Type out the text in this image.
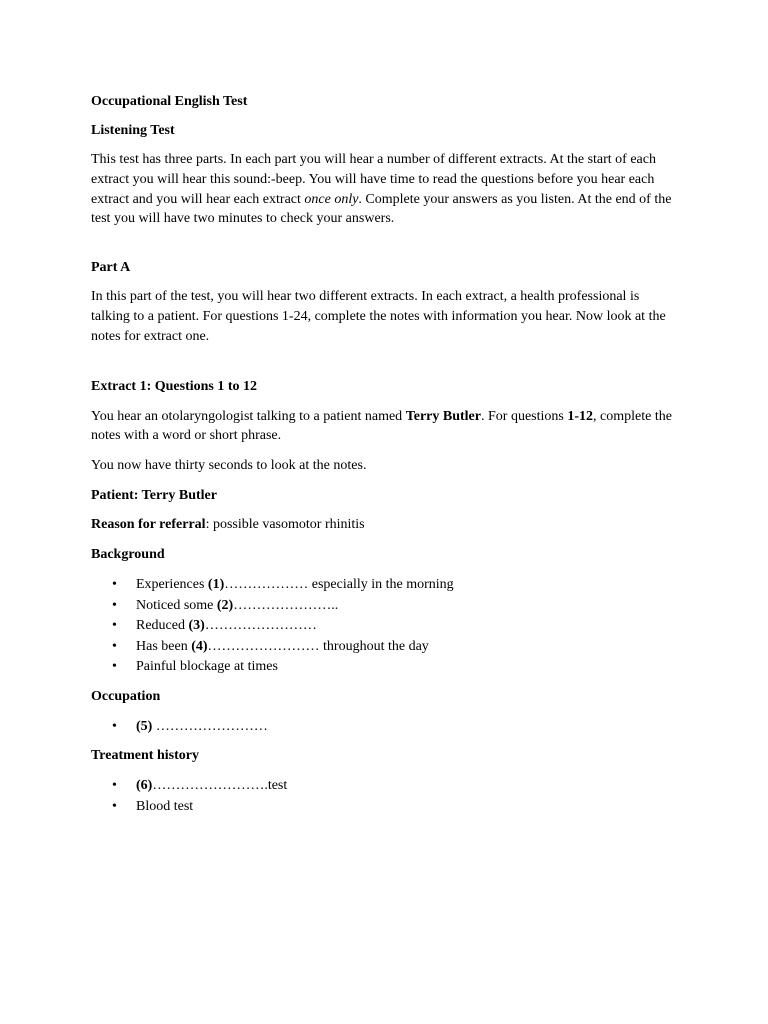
Occupational English Test
Listening Test
This test has three parts. In each part you will hear a number of different extracts. At the start of each extract you will hear this sound:-beep. You will have time to read the questions before you hear each extract and you will hear each extract once only. Complete your answers as you listen. At the end of the test you will have two minutes to check your answers.
Part A
In this part of the test, you will hear two different extracts. In each extract, a health professional is talking to a patient. For questions 1-24, complete the notes with information you hear. Now look at the notes for extract one.
Extract 1: Questions 1 to 12
You hear an otolaryngologist talking to a patient named Terry Butler. For questions 1-12, complete the notes with a word or short phrase.
You now have thirty seconds to look at the notes.
Patient: Terry Butler
Reason for referral: possible vasomotor rhinitis
Background
• Experiences (1)……………… especially in the morning
• Noticed some (2)…………………..
• Reduced (3)……………………
• Has been (4)…………………… throughout the day
• Painful blockage at times
Occupation
• (5) ……………………
Treatment history
• (6)…………………….test
• Blood test
